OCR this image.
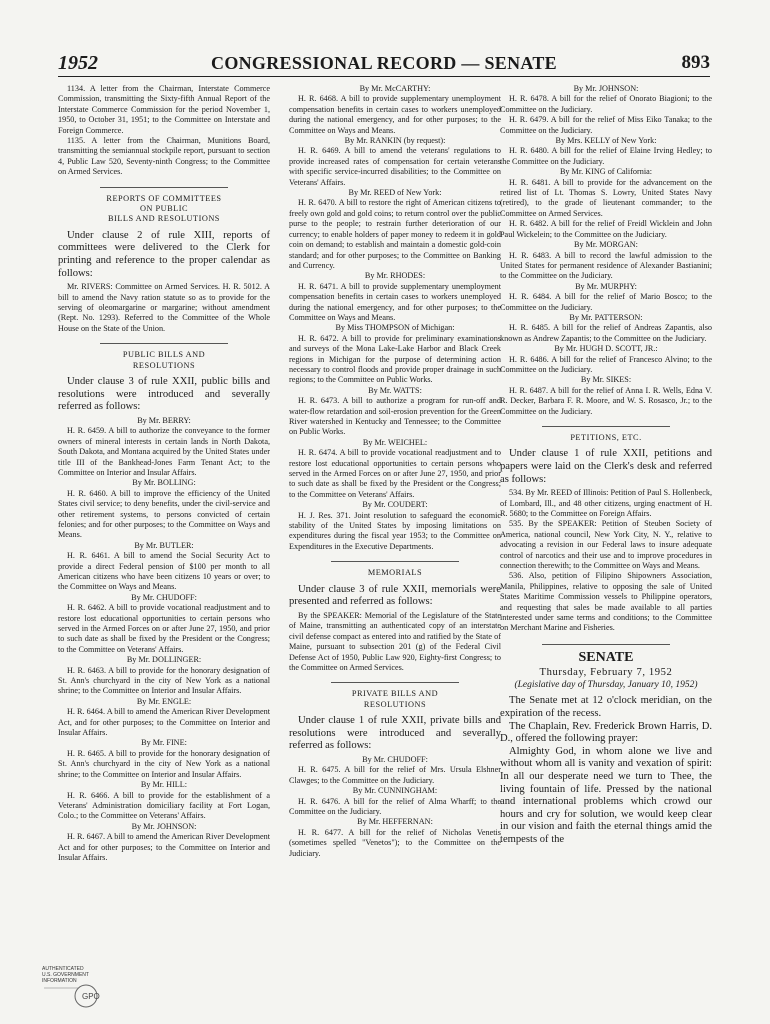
1952	CONGRESSIONAL RECORD — SENATE	893

1134. A letter from the Chairman, Interstate Commerce Commission, transmitting the Sixty-fifth Annual Report of the Interstate Commerce Commission for the period November 1, 1950, to October 31, 1951; to the Committee on Interstate and Foreign Commerce.

1135. A letter from the Chairman, Munitions Board, transmitting the semiannual stockpile report, pursuant to section 4, Public Law 520, Seventy-ninth Congress; to the Committee on Armed Services.

REPORTS OF COMMITTEES ON PUBLIC
BILLS AND RESOLUTIONS

Under clause 2 of rule XIII, reports of committees were delivered to the Clerk for printing and reference to the proper calendar as follows:

Mr. RIVERS: Committee on Armed Services. H. R. 5012. A bill to amend the Navy ration statute so as to provide for the serving of oleomargarine or margarine; without amendment (Rept. No. 1293). Referred to the Committee of the Whole House on the State of the Union.

PUBLIC BILLS AND RESOLUTIONS

Under clause 3 of rule XXII, public bills and resolutions were introduced and severally referred as follows:

By Mr. BERRY:

H. R. 6459. A bill to authorize the conveyance to the former owners of mineral interests in certain lands in North Dakota, South Dakota, and Montana acquired by the United States under title III of the Bankhead-Jones Farm Tenant Act; to the Committee on Interior and Insular Affairs.

By Mr. BOLLING:

H. R. 6460. A bill to improve the efficiency of the United States civil service; to deny benefits, under the civil-service and other retirement systems, to persons convicted of certain felonies; and for other purposes; to the Committee on Ways and Means.

By Mr. BUTLER:

H. R. 6461. A bill to amend the Social Security Act to provide a direct Federal pension of $100 per month to all American citizens who have been citizens 10 years or over; to the Committee on Ways and Means.

By Mr. CHUDOFF:

H. R. 6462. A bill to provide vocational readjustment and to restore lost educational opportunities to certain persons who served in the Armed Forces on or after June 27, 1950, and prior to such date as shall be fixed by the President or the Congress; to the Committee on Veterans' Affairs.

By Mr. DOLLINGER:

H. R. 6463. A bill to provide for the honorary designation of St. Ann's churchyard in the city of New York as a national shrine; to the Committee on Interior and Insular Affairs.

By Mr. ENGLE:

H. R. 6464. A bill to amend the American River Development Act, and for other purposes; to the Committee on Interior and Insular Affairs.

By Mr. FINE:

H. R. 6465. A bill to provide for the honorary designation of St. Ann's churchyard in the city of New York as a national shrine; to the Committee on Interior and Insular Affairs.

By Mr. HILL:

H. R. 6466. A bill to provide for the establishment of a Veterans' Administration domiciliary facility at Fort Logan, Colo.; to the Committee on Veterans' Affairs.

By Mr. JOHNSON:

H. R. 6467. A bill to amend the American River Development Act and for other purposes; to the Committee on Interior and Insular Affairs.

By Mr. McCARTHY:

H. R. 6468. A bill to provide supplementary unemployment compensation benefits in certain cases to workers unemployed during the national emergency, and for other purposes; to the Committee on Ways and Means.

By Mr. RANKIN (by request):

H. R. 6469. A bill to amend the veterans' regulations to provide increased rates of compensation for certain veterans with specific service-incurred disabilities; to the Committee on Veterans' Affairs.

By Mr. REED of New York:

H. R. 6470. A bill to restore the right of American citizens to freely own gold and gold coins; to return control over the public purse to the people; to restrain further deterioration of our currency; to enable holders of paper money to redeem it in gold coin on demand; to establish and maintain a domestic gold-coin standard; and for other purposes; to the Committee on Banking and Currency.

By Mr. RHODES:

H. R. 6471. A bill to provide supplementary unemployment compensation benefits in certain cases to workers unemployed during the national emergency, and for other purposes; to the Committee on Ways and Means.

By Miss THOMPSON of Michigan:

H. R. 6472. A bill to provide for preliminary examinations and surveys of the Mona Lake-Lake Harbor and Black Creek regions in Michigan for the purpose of determining action necessary to control floods and provide proper drainage in such regions; to the Committee on Public Works.

By Mr. WATTS:

H. R. 6473. A bill to authorize a program for run-off and water-flow retardation and soil-erosion prevention for the Green River watershed in Kentucky and Tennessee; to the Committee on Public Works.

By Mr. WEICHEL:

H. R. 6474. A bill to provide vocational readjustment and to restore lost educational opportunities to certain persons who served in the Armed Forces on or after June 27, 1950, and prior to such date as shall be fixed by the President or the Congress; to the Committee on Veterans' Affairs.

By Mr. COUDERT:

H. J. Res. 371. Joint resolution to safeguard the economic stability of the United States by imposing limitations on expenditures during the fiscal year 1953; to the Committee on Expenditures in the Executive Departments.

MEMORIALS

Under clause 3 of rule XXII, memorials were presented and referred as follows:

By the SPEAKER: Memorial of the Legislature of the State of Maine, transmitting an authenticated copy of an interstate civil defense compact as entered into and ratified by the State of Maine, pursuant to subsection 201 (g) of the Federal Civil Defense Act of 1950, Public Law 920, Eighty-first Congress; to the Committee on Armed Services.

PRIVATE BILLS AND RESOLUTIONS

Under clause 1 of rule XXII, private bills and resolutions were introduced and severally referred as follows:

By Mr. CHUDOFF:

H. R. 6475. A bill for the relief of Mrs. Ursula Elshner Clawges; to the Committee on the Judiciary.

By Mr. CUNNINGHAM:

H. R. 6476. A bill for the relief of Alma Wharff; to the Committee on the Judiciary.

By Mr. HEFFERNAN:

H. R. 6477. A bill for the relief of Nicholas Venetis (sometimes spelled "Venetos"); to the Committee on the Judiciary.

By Mr. JOHNSON:

H. R. 6478. A bill for the relief of Onorato Biagioni; to the Committee on the Judiciary.

H. R. 6479. A bill for the relief of Miss Eiko Tanaka; to the Committee on the Judiciary.

By Mrs. KELLY of New York:

H. R. 6480. A bill for the relief of Elaine Irving Hedley; to the Committee on the Judiciary.

By Mr. KING of California:

H. R. 6481. A bill to provide for the advancement on the retired list of Lt. Thomas S. Lowry, United States Navy (retired), to the grade of lieutenant commander; to the Committee on Armed Services.

H. R. 6482. A bill for the relief of Freidl Wicklein and John Paul Wickelein; to the Committee on the Judiciary.

By Mr. MORGAN:

H. R. 6483. A bill to record the lawful admission to the United States for permanent residence of Alexander Bastianini; to the Committee on the Judiciary.

By Mr. MURPHY:

H. R. 6484. A bill for the relief of Mario Bosco; to the Committee on the Judiciary.

By Mr. PATTERSON:

H. R. 6485. A bill for the relief of Andreas Zapantis, also known as Andrew Zapantis; to the Committee on the Judiciary.

By Mr. HUGH D. SCOTT, JR.:

H. R. 6486. A bill for the relief of Francesco Alvino; to the Committee on the Judiciary.

By Mr. SIKES:

H. R. 6487. A bill for the relief of Anna I. R. Wells, Edna V. R. Decker, Barbara F. R. Moore, and W. S. Rosasco, Jr.; to the Committee on the Judiciary.

PETITIONS, ETC.

Under clause 1 of rule XXII, petitions and papers were laid on the Clerk's desk and referred as follows:

534. By Mr. REED of Illinois: Petition of Paul S. Hollenbeck, of Lombard, Ill., and 48 other citizens, urging enactment of H. R. 5680; to the Committee on Foreign Affairs.

535. By the SPEAKER: Petition of Steuben Society of America, national council, New York City, N. Y., relative to advocating a revision in our Federal laws to insure adequate control of narcotics and their use and to improve procedures in connection therewith; to the Committee on Ways and Means.

536. Also, petition of Filipino Shipowners Association, Manila, Philippines, relative to opposing the sale of United States Maritime Commission vessels to Philippine operators, and requesting that sales be made available to all parties interested under same terms and conditions; to the Committee on Merchant Marine and Fisheries.

SENATE

Thursday, February 7, 1952

(Legislative day of Thursday, January 10, 1952)

The Senate met at 12 o'clock meridian, on the expiration of the recess.

The Chaplain, Rev. Frederick Brown Harris, D. D., offered the following prayer:

Almighty God, in whom alone we live and without whom all is vanity and vexation of spirit: In all our desperate need we turn to Thee, the living fountain of life. Pressed by the national and international problems which crowd our hours and cry for solution, we would keep clear in our vision and faith the eternal things amid the tempests of the

AUTHENTICATED
U.S. GOVERNMENT
INFORMATION
GPO
